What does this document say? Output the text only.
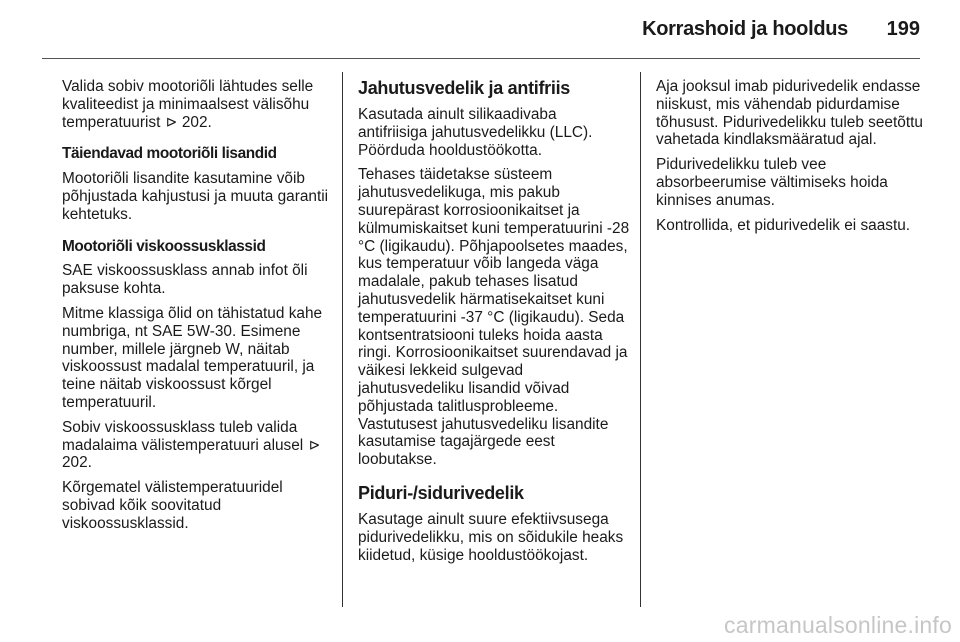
Korrashoid ja hooldus	199

Valida sobiv mootoriõli lähtudes selle kvaliteedist ja minimaalsest välisõhu temperatuurist ⊳ 202.

Täiendavad mootoriõli lisandid

Mootoriõli lisandite kasutamine võib põhjustada kahjustusi ja muuta garantii kehtetuks.

Mootoriõli viskoossusklassid

SAE viskoossusklass annab infot õli paksuse kohta.

Mitme klassiga õlid on tähistatud kahe numbriga, nt SAE 5W-30. Esimene number, millele järgneb W, näitab viskoossust madalal temperatuuril, ja teine näitab viskoossust kõrgel temperatuuril.

Sobiv viskoossusklass tuleb valida madalaima välistemperatuuri alusel ⊳ 202.

Kõrgematel välistemperatuuridel sobivad kõik soovitatud viskoossusklassid.

Jahutusvedelik ja antifriis

Kasutada ainult silikaadivaba antifriisiga jahutusvedelikku (LLC). Pöörduda hooldustöökotta.

Tehases täidetakse süsteem jahutusvedelikuga, mis pakub suurepärast korrosioonikaitset ja külmumiskaitset kuni temperatuurini -28 °C (ligikaudu). Põhjapoolsetes maades, kus temperatuur võib langeda väga madalale, pakub tehases lisatud jahutusvedelik härmatisekaitset kuni temperatuurini -37 °C (ligikaudu). Seda kontsentratsiooni tuleks hoida aasta ringi. Korrosioonikaitset suurendavad ja väikesi lekkeid sulgevad jahutusvedeliku lisandid võivad põhjustada talitlusprobleeme. Vastutusest jahutusvedeliku lisandite kasutamise tagajärgede eest loobutakse.

Piduri-/sidurivedelik

Kasutage ainult suure efektiivsusega pidurivedelikku, mis on sõidukile heaks kiidetud, küsige hooldustöökojast.

Aja jooksul imab pidurivedelik endasse niiskust, mis vähendab pidurdamise tõhusust. Pidurivedelikku tuleb seetõttu vahetada kindlaksmääratud ajal.

Pidurivedelikku tuleb vee absorbeerumise vältimiseks hoida kinnises anumas.

Kontrollida, et pidurivedelik ei saastu.

carmanualsonline.info
